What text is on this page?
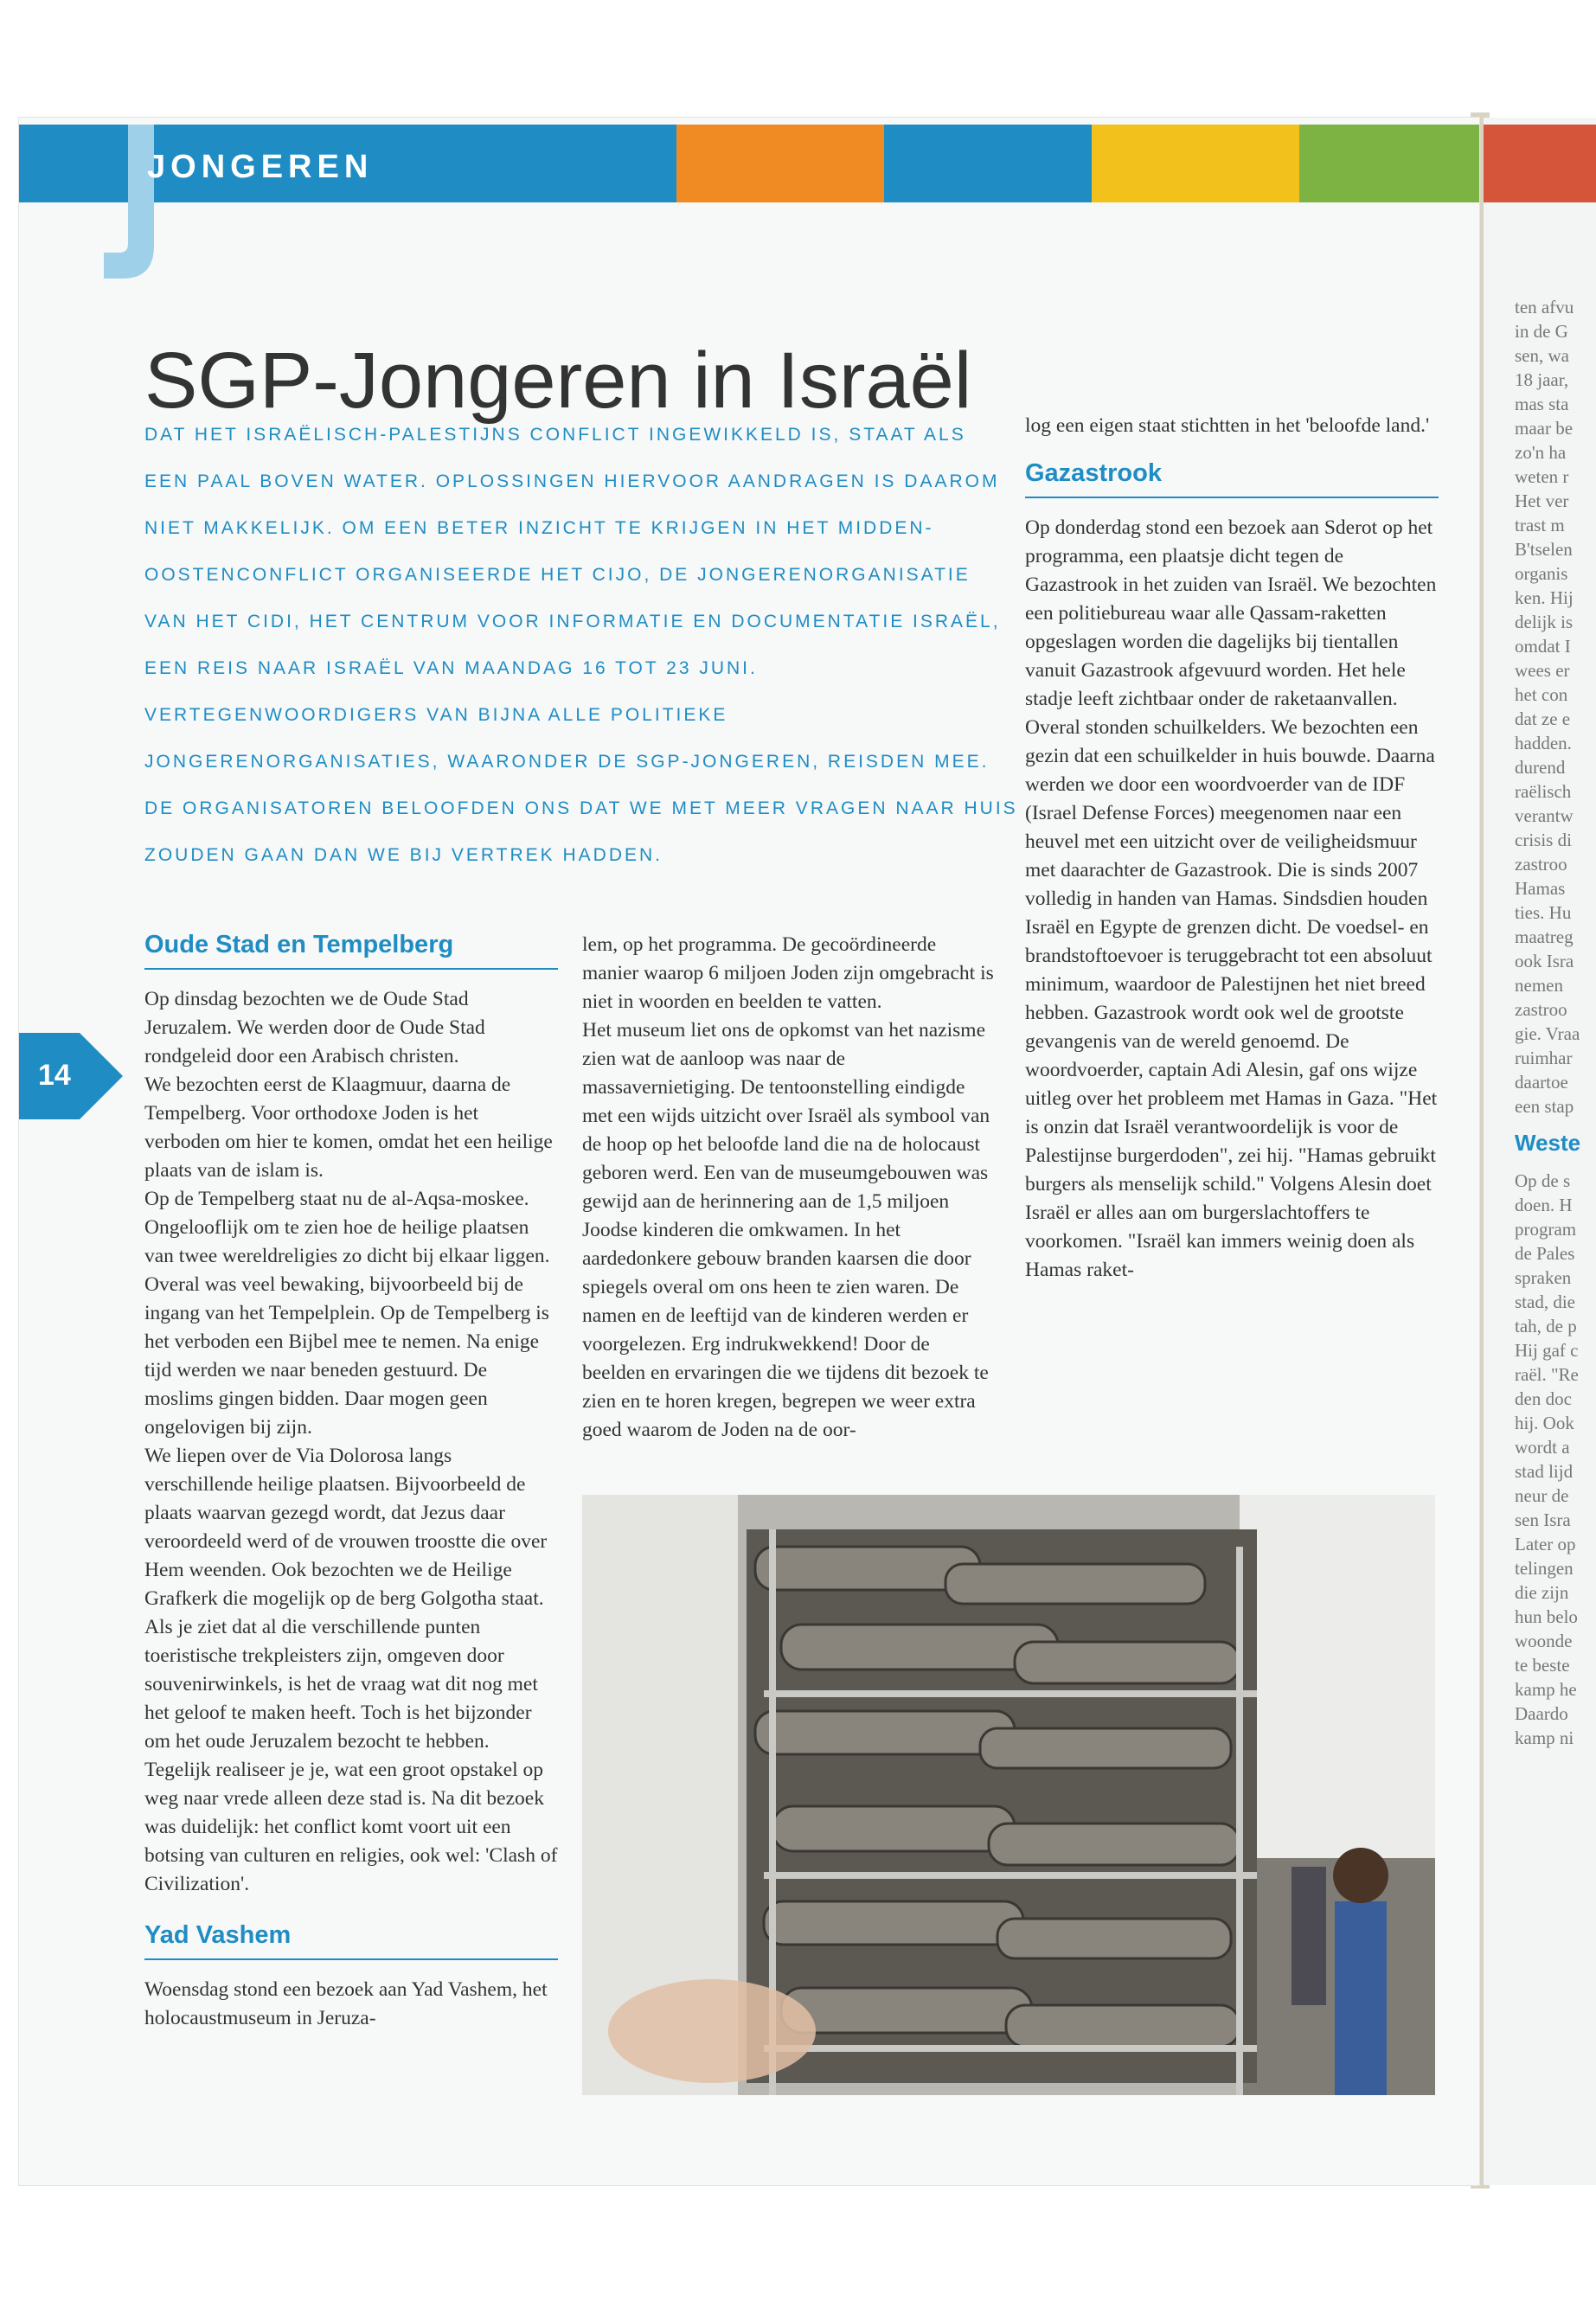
JONGEREN
SGP-Jongeren in Israël
DAT HET ISRAËLISCH-PALESTIJNS CONFLICT INGEWIKKELD IS, STAAT ALS EEN PAAL BOVEN WATER. OPLOSSINGEN HIERVOOR AANDRAGEN IS DAAROM NIET MAKKELIJK. OM EEN BETER INZICHT TE KRIJGEN IN HET MIDDEN-OOSTENCONFLICT ORGANISEERDE HET CIJO, DE JONGERENORGANISATIE VAN HET CIDI, HET CENTRUM VOOR INFORMATIE EN DOCUMENTATIE ISRAËL, EEN REIS NAAR ISRAËL VAN MAANDAG 16 TOT 23 JUNI. VERTEGENWOORDIGERS VAN BIJNA ALLE POLITIEKE JONGERENORGANISATIES, WAARONDER DE SGP-JONGEREN, REISDEN MEE. DE ORGANISATOREN BELOOFDEN ONS DAT WE MET MEER VRAGEN NAAR HUIS ZOUDEN GAAN DAN WE BIJ VERTREK HADDEN.
14
Oude Stad en Tempelberg

Op dinsdag bezochten we de Oude Stad Jeruzalem. We werden door de Oude Stad rondgeleid door een Arabisch christen.

We bezochten eerst de Klaagmuur, daarna de Tempelberg. Voor orthodoxe Joden is het verboden om hier te komen, omdat het een heilige plaats van de islam is.

Op de Tempelberg staat nu de al-Aqsa-moskee. Ongelooflijk om te zien hoe de heilige plaatsen van twee wereldreligies zo dicht bij elkaar liggen. Overal was veel bewaking, bijvoorbeeld bij de ingang van het Tempelplein. Op de Tempelberg is het verboden een Bijbel mee te nemen. Na enige tijd werden we naar beneden gestuurd. De moslims gingen bidden. Daar mogen geen ongelovigen bij zijn.

We liepen over de Via Dolorosa langs verschillende heilige plaatsen. Bijvoorbeeld de plaats waarvan gezegd wordt, dat Jezus daar veroordeeld werd of de vrouwen troostte die over Hem weenden. Ook bezochten we de Heilige Grafkerk die mogelijk op de berg Golgotha staat. Als je ziet dat al die verschillende punten toeristische trekpleisters zijn, omgeven door souvenirwinkels, is het de vraag wat dit nog met het geloof te maken heeft. Toch is het bijzonder om het oude Jeruzalem bezocht te hebben. Tegelijk realiseer je je, wat een groot opstakel op weg naar vrede alleen deze stad is. Na dit bezoek was duidelijk: het conflict komt voort uit een botsing van culturen en religies, ook wel: 'Clash of Civilization'.

Yad Vashem

Woensdag stond een bezoek aan Yad Vashem, het holocaustmuseum in Jeruza-

lem, op het programma. De gecoördineerde manier waarop 6 miljoen Joden zijn omgebracht is niet in woorden en beelden te vatten.

Het museum liet ons de opkomst van het nazisme zien wat de aanloop was naar de massavernietiging. De tentoonstelling eindigde met een wijds uitzicht over Israël als symbool van de hoop op het beloofde land die na de holocaust geboren werd. Een van de museumgebouwen was gewijd aan de herinnering aan de 1,5 miljoen Joodse kinderen die omkwamen. In het aardedonkere gebouw branden kaarsen die door spiegels overal om ons heen te zien waren. De namen en de leeftijd van de kinderen werden er voorgelezen. Erg indrukwekkend! Door de beelden en ervaringen die we tijdens dit bezoek te zien en te horen kregen, begrepen we weer extra goed waarom de Joden na de oor-

log een eigen staat stichtten in het 'beloofde land.'

Gazastrook

Op donderdag stond een bezoek aan Sderot op het programma, een plaatsje dicht tegen de Gazastrook in het zuiden van Israël. We bezochten een politiebureau waar alle Qassam-raketten opgeslagen worden die dagelijks bij tientallen vanuit Gazastrook afgevuurd worden. Het hele stadje leeft zichtbaar onder de raketaanvallen. Overal stonden schuilkelders. We bezochten een gezin dat een schuilkelder in huis bouwde. Daarna werden we door een woordvoerder van de IDF (Israel Defense Forces) meegenomen naar een heuvel met een uitzicht over de veiligheidsmuur met daarachter de Gazastrook. Die is sinds 2007 volledig in handen van Hamas. Sindsdien houden Israël en Egypte de grenzen dicht. De voedsel- en brandstoftoevoer is teruggebracht tot een absoluut minimum, waardoor de Palestijnen het niet breed hebben. Gazastrook wordt ook wel de grootste gevangenis van de wereld genoemd. De woordvoerder, captain Adi Alesin, gaf ons wijze uitleg over het probleem met Hamas in Gaza. "Het is onzin dat Israël verantwoordelijk is voor de Palestijnse burgerdoden", zei hij. "Hamas gebruikt burgers als menselijk schild." Volgens Alesin doet Israël er alles aan om burgerslachtoffers te voorkomen. "Israël kan immers weinig doen als Hamas raket-

ten afvu
in de G
sen, wa
18 jaar,
mas sta
maar be
zo'n ha
weten r
Het ver
trast m
B'tselen
organis
ken. Hij
delijk is
omdat I
wees er
het con
dat ze e
hadden.
durend
raëlisch
verantw
crisis di
zastroo
Hamas
ties. Hu
maatreg
ook Isra
nemen
zastroo
gie. Vraa
ruimhar
daartoe
een stap
Weste
Op de s
doen. H
program
de Pales
spraken
stad, die
tah, de p
Hij gaf c
raël. "Re
den doc
hij. Ook
wordt a
stad lijd
neur de
sen Isra
Later op
telingen
die zijn
hun belo
woonde
te beste
kamp he
Daardo
kamp ni
